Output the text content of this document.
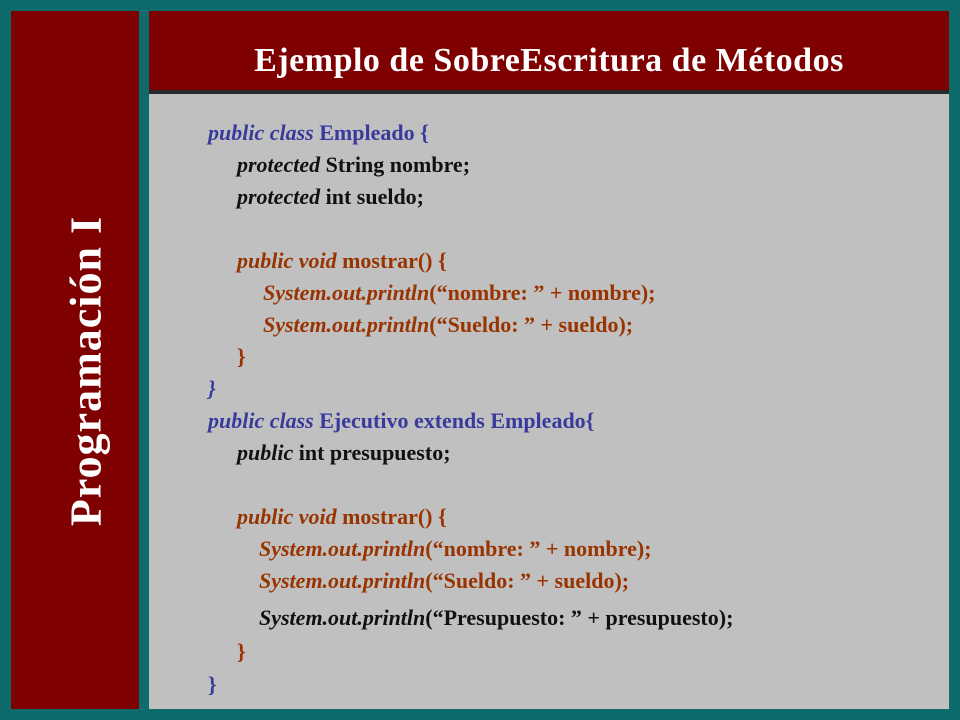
Programación I
Ejemplo de SobreEscritura de Métodos
public class Empleado {
protected String nombre;
protected int sueldo;
public void mostrar() {
System.out.println(“nombre: ” + nombre);
System.out.println(“Sueldo: ” + sueldo);
}
}
public class Ejecutivo extends Empleado{
public int presupuesto;
public void mostrar() {
System.out.println(“nombre: ” + nombre);
System.out.println(“Sueldo: ” + sueldo);
System.out.println(“Presupuesto: ” + presupuesto);
}
}
